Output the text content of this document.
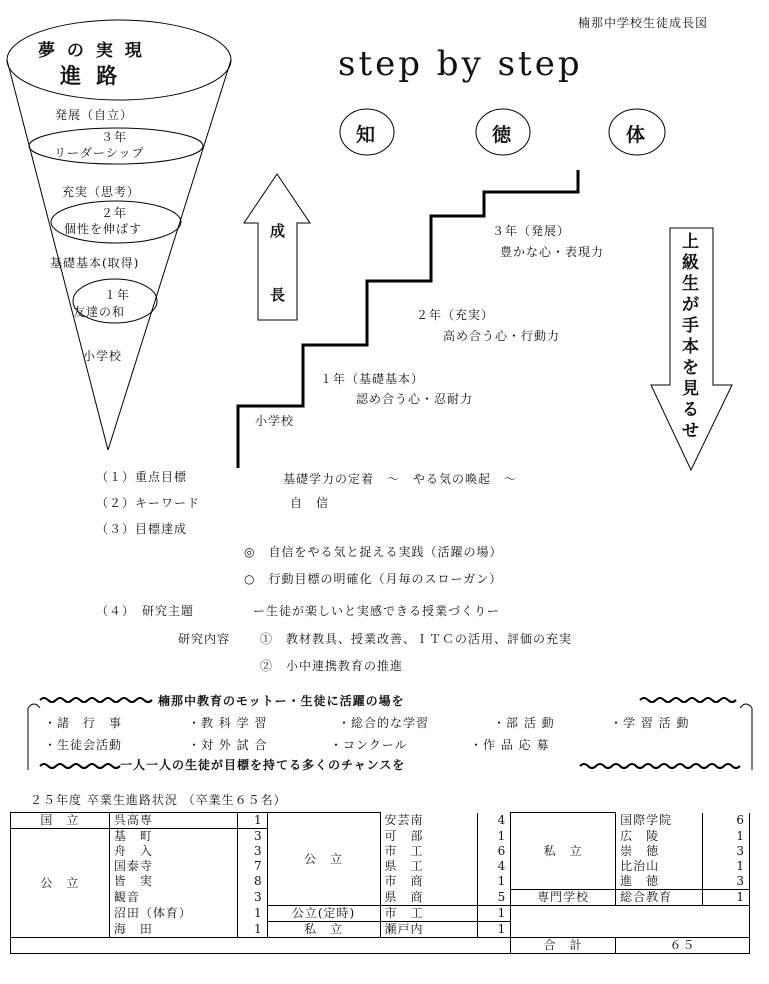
楠那中学校生徒成長図
step by step
知	徳	体
夢 の 実 現
進 路
発展（自立）
３年
リーダーシップ
充実（思考）
２年
個性を伸ばす
基礎基本(取得)
１年
友達の和
小学校
成
長
上級生が手本を見るせ
小学校
１年（基礎基本）
認め合う心・忍耐力
２年（充実）
高め合う心・行動力
３年（発展）
豊かな心・表現力
（１）重点目標	基礎学力の定着　～　やる気の喚起　～
（２）キーワード	自　信
（３）目標達成
◎　自信をやる気と捉える実践（活躍の場）
○　行動目標の明確化（月毎のスローガン）
（４）　研究主題	ー生徒が楽しいと実感できる授業づくりー
研究内容 ①　教材教具、授業改善、ＩＴＣの活用、評価の充実
②　小中連携教育の推進
楠那中教育のモットー・生徒に活躍の場を
・諸　行　事	・教 科 学 習	・総合的な学習	・部 活 動	・学 習 活 動
・生徒会活動	・対 外 試 合	・コンクール	・作 品 応 募
一人一人の生徒が目標を持てる多くのチャンスを
２５年度 卒業生進路状況 （卒業生６５名）
国　立	呉高専	1	公　立	安芸南	4	私　立	国際学院	6
公　立	基　町	3		可　部	1		広　陵	1
	舟　入	3		市　工	6		崇　徳	3
	国泰寺	7		県　工	4		比治山	1
	皆　実	8		市　商	1		進　徳	3
	観音	3		県　商	5	専門学校	総合教育	1
	沼田（体育）	1	公立(定時)	市　工	1			
	海　田	1	私　立	瀬戸内	1			
						合　計	６５	
